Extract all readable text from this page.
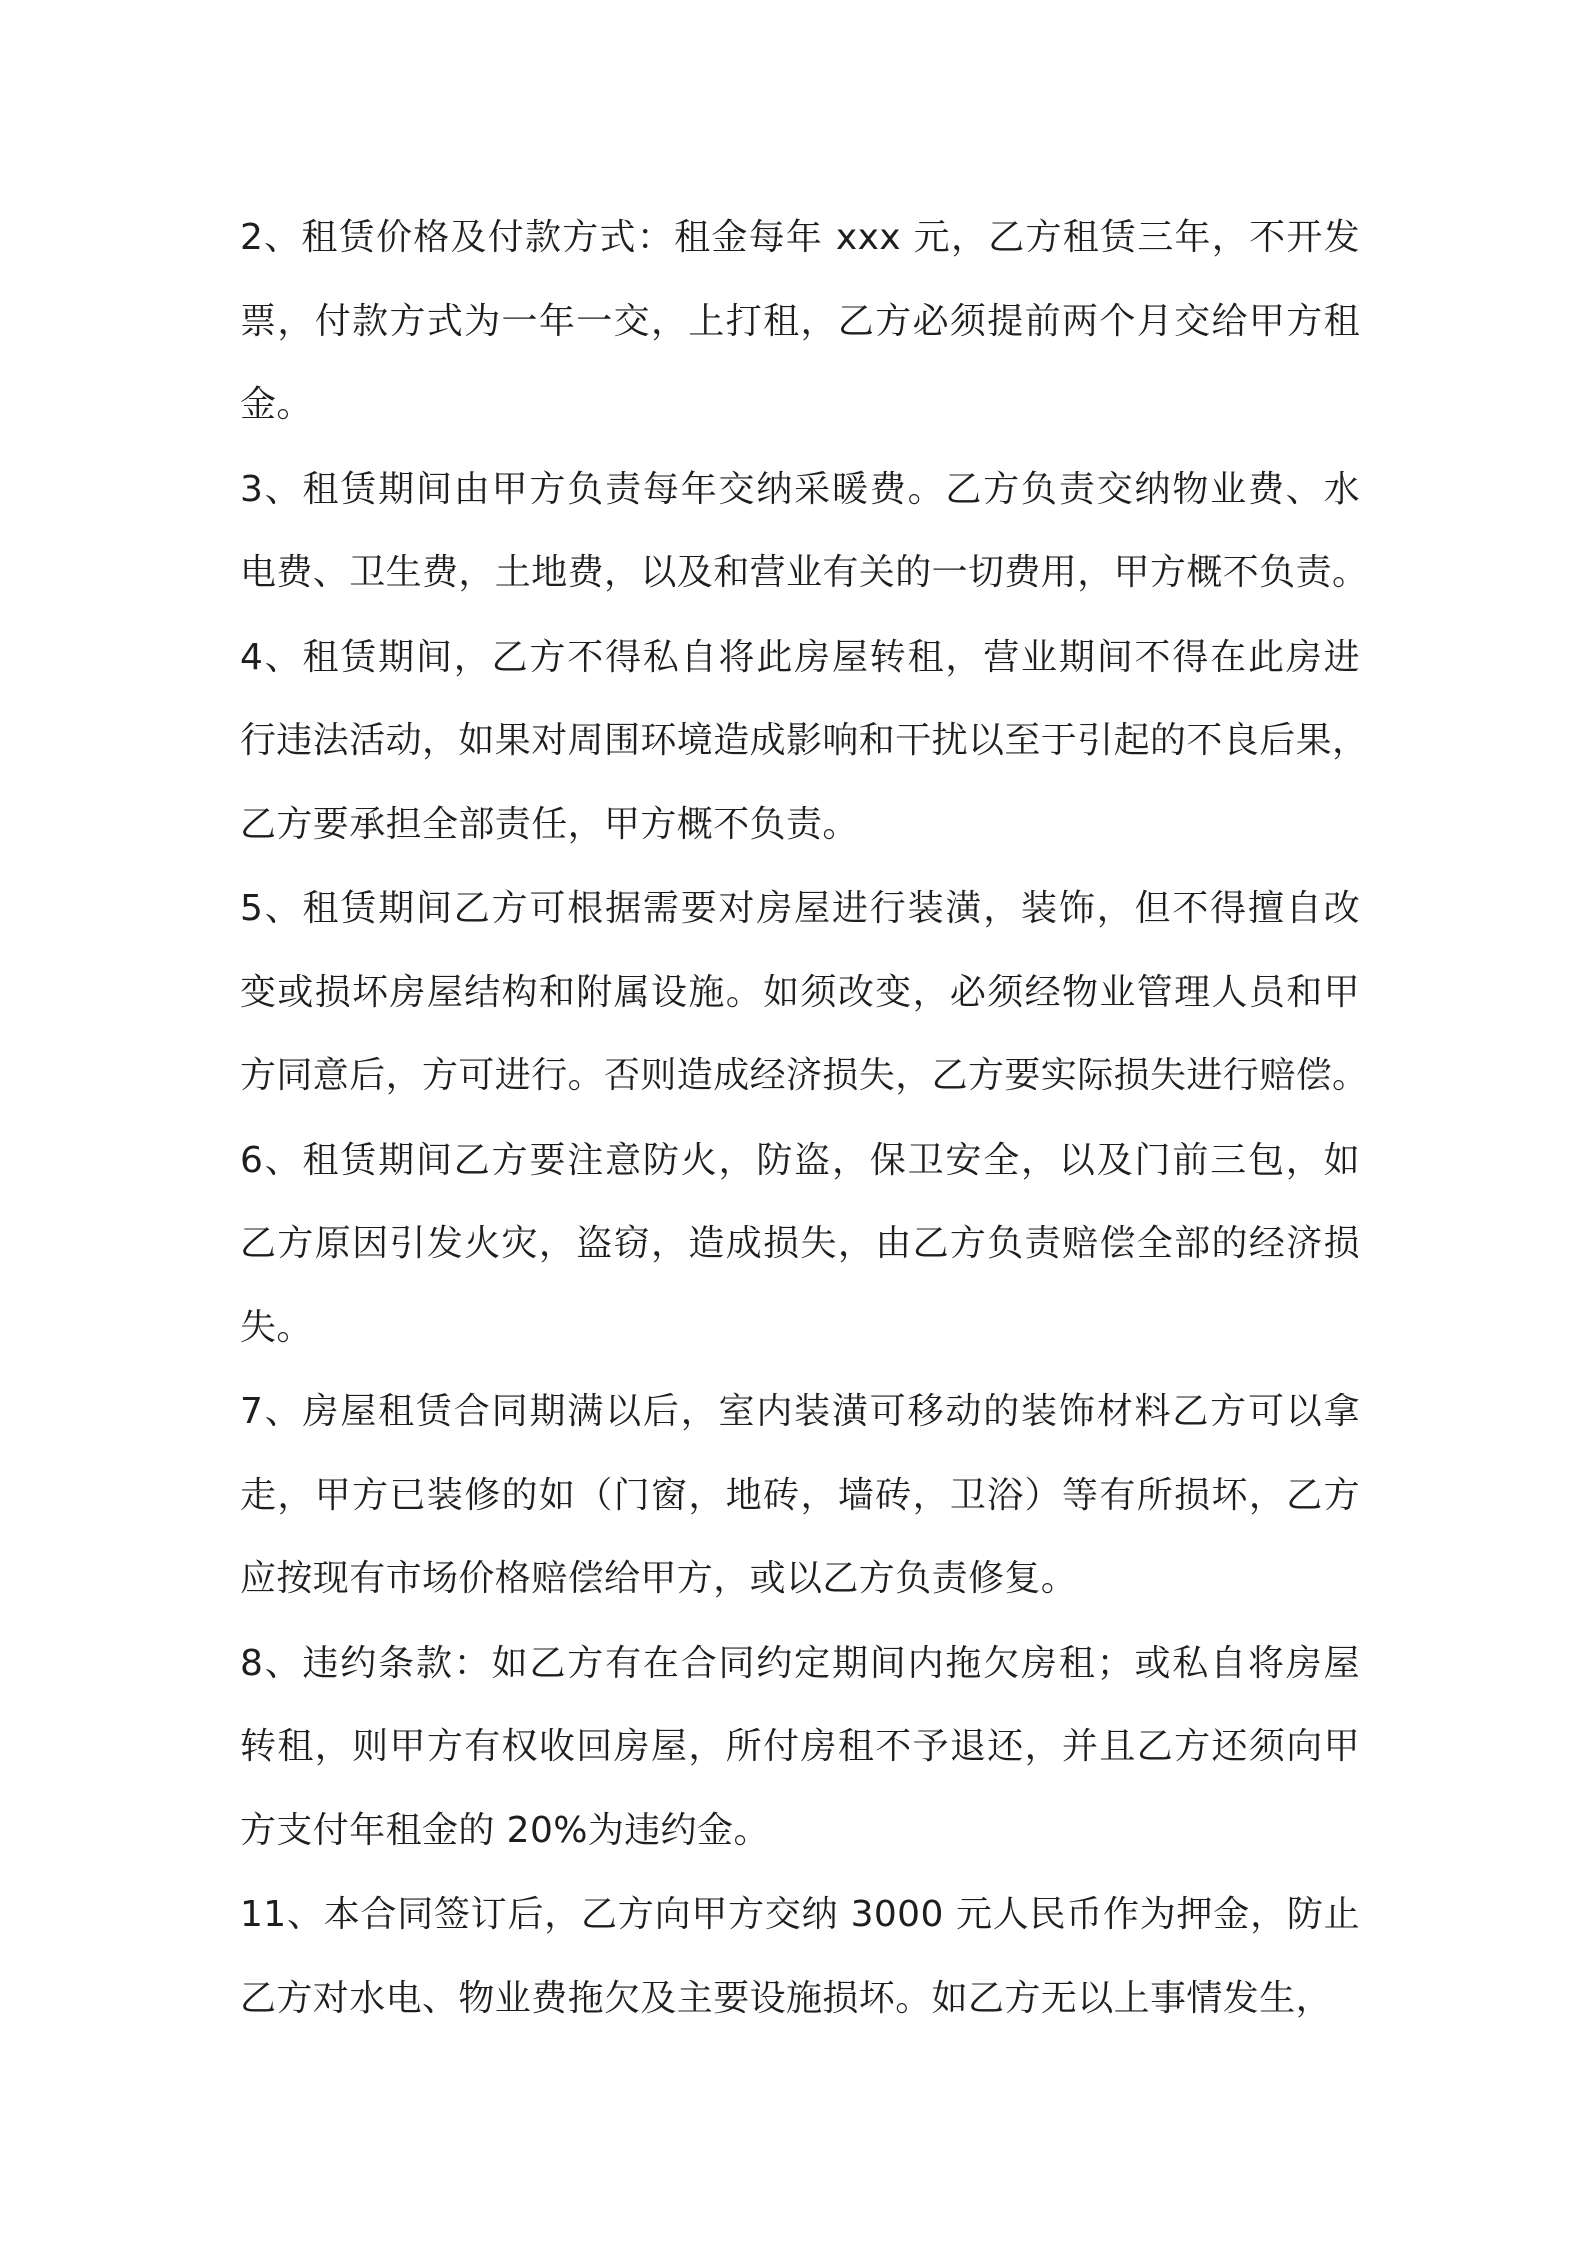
2、租赁价格及付款方式：租金每年 xxx 元，乙方租赁三年，不开发
票，付款方式为一年一交，上打租，乙方必须提前两个月交给甲方租
金。

3、租赁期间由甲方负责每年交纳采暖费。乙方负责交纳物业费、水
电费、卫生费，土地费，以及和营业有关的一切费用，甲方概不负责。

4、租赁期间，乙方不得私自将此房屋转租，营业期间不得在此房进
行违法活动，如果对周围环境造成影响和干扰以至于引起的不良后果，
乙方要承担全部责任，甲方概不负责。

5、租赁期间乙方可根据需要对房屋进行装潢，装饰，但不得擅自改
变或损坏房屋结构和附属设施。如须改变，必须经物业管理人员和甲
方同意后，方可进行。否则造成经济损失，乙方要实际损失进行赔偿。

6、租赁期间乙方要注意防火，防盗，保卫安全，以及门前三包，如
乙方原因引发火灾，盗窃，造成损失，由乙方负责赔偿全部的经济损
失。

7、房屋租赁合同期满以后，室内装潢可移动的装饰材料乙方可以拿
走，甲方已装修的如（门窗，地砖，墙砖，卫浴）等有所损坏，乙方
应按现有市场价格赔偿给甲方，或以乙方负责修复。

8、违约条款：如乙方有在合同约定期间内拖欠房租；或私自将房屋
转租，则甲方有权收回房屋，所付房租不予退还，并且乙方还须向甲
方支付年租金的 20%为违约金。

11、本合同签订后，乙方向甲方交纳 3000 元人民币作为押金，防止
乙方对水电、物业费拖欠及主要设施损坏。如乙方无以上事情发生，
